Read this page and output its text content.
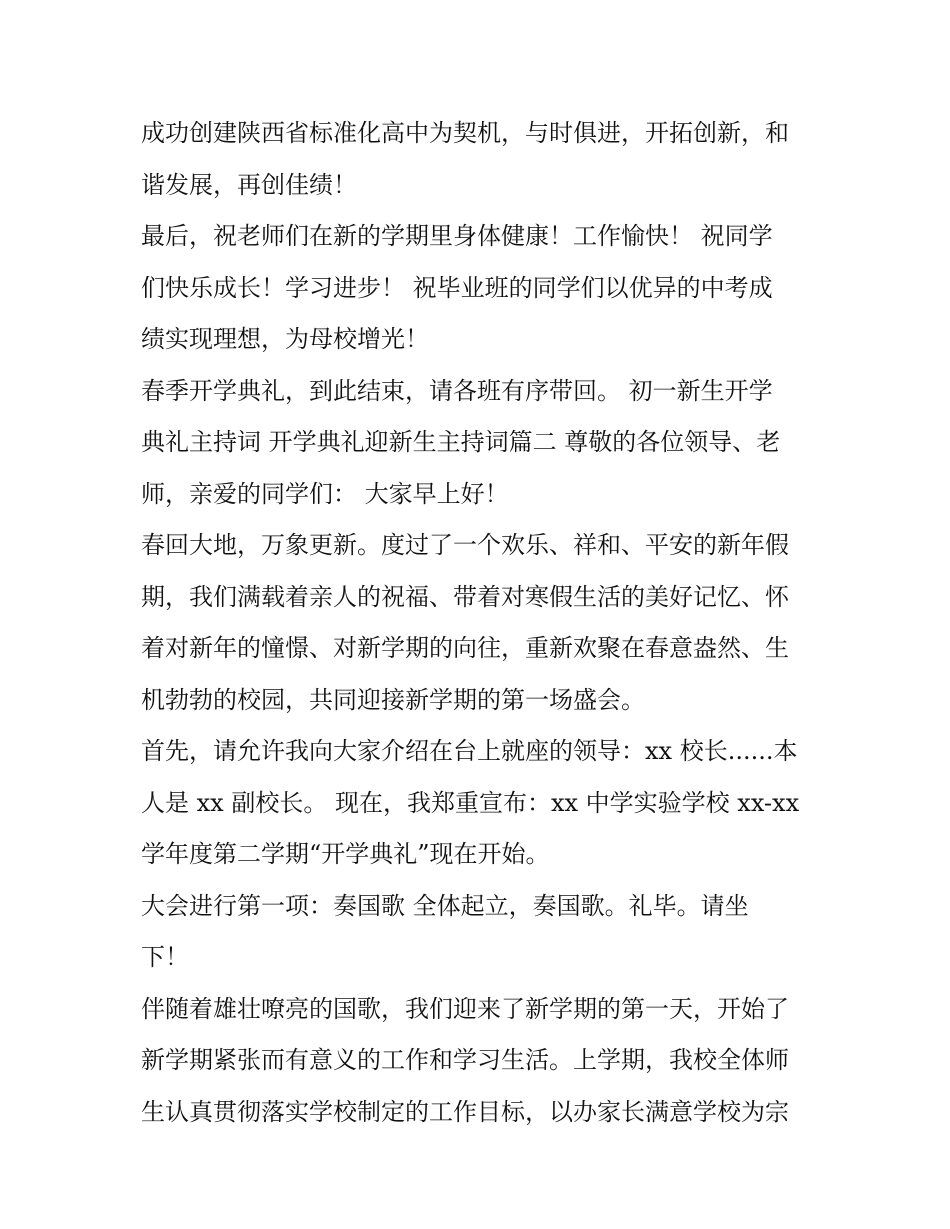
成功创建陕西省标准化高中为契机，与时俱进，开拓创新，和
谐发展，再创佳绩！
最后，祝老师们在新的学期里身体健康！工作愉快！ 祝同学
们快乐成长！学习进步！ 祝毕业班的同学们以优异的中考成
绩实现理想，为母校增光！
春季开学典礼，到此结束，请各班有序带回。 初一新生开学
典礼主持词 开学典礼迎新生主持词篇二 尊敬的各位领导、老
师，亲爱的同学们： 大家早上好！
春回大地，万象更新。度过了一个欢乐、祥和、平安的新年假
期，我们满载着亲人的祝福、带着对寒假生活的美好记忆、怀
着对新年的憧憬、对新学期的向往，重新欢聚在春意盎然、生
机勃勃的校园，共同迎接新学期的第一场盛会。
首先，请允许我向大家介绍在台上就座的领导：xx 校长......本
人是 xx 副校长。 现在，我郑重宣布：xx 中学实验学校 xx-xx
学年度第二学期“开学典礼”现在开始。
大会进行第一项：奏国歌 全体起立，奏国歌。礼毕。请坐
下！
伴随着雄壮嘹亮的国歌，我们迎来了新学期的第一天，开始了
新学期紧张而有意义的工作和学习生活。上学期，我校全体师
生认真贯彻落实学校制定的工作目标，以办家长满意学校为宗
